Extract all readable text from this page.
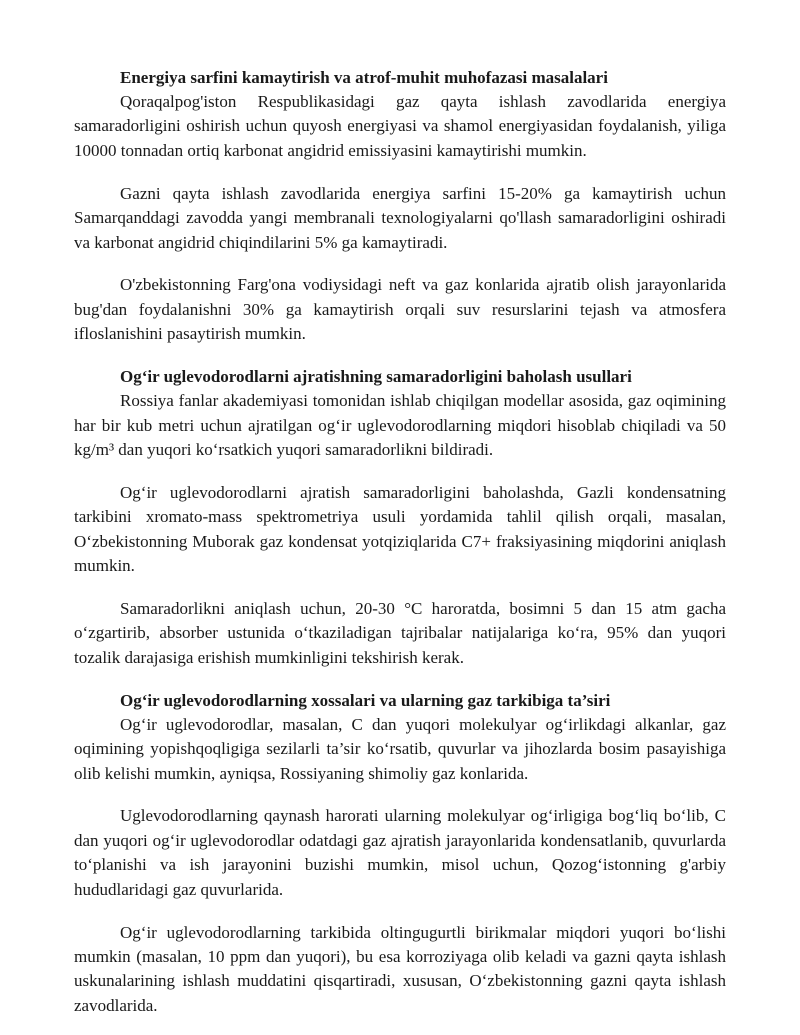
Energiya sarfini kamaytirish va atrof-muhit muhofazasi masalalari

Qoraqalpog'iston Respublikasidagi gaz qayta ishlash zavodlarida energiya samaradorligini oshirish uchun quyosh energiyasi va shamol energiyasidan foydalanish, yiliga 10000 tonnadan ortiq karbonat angidrid emissiyasini kamaytirishi mumkin.

Gazni qayta ishlash zavodlarida energiya sarfini 15-20% ga kamaytirish uchun Samarqanddagi zavodda yangi membranali texnologiyalarni qo'llash samaradorligini oshiradi va karbonat angidrid chiqindilarini 5% ga kamaytiradi.

O'zbekistonning Farg'ona vodiysidagi neft va gaz konlarida ajratib olish jarayonlarida bug'dan foydalanishni 30% ga kamaytirish orqali suv resurslarini tejash va atmosfera ifloslanishini pasaytirish mumkin.

Og‘ir uglevodorodlarni ajratishning samaradorligini baholash usullari

Rossiya fanlar akademiyasi tomonidan ishlab chiqilgan modellar asosida, gaz oqimining har bir kub metri uchun ajratilgan og‘ir uglevodorodlarning miqdori hisoblab chiqiladi va 50 kg/m³ dan yuqori ko‘rsatkich yuqori samaradorlikni bildiradi.

Og‘ir uglevodorodlarni ajratish samaradorligini baholashda, Gazli kondensatning tarkibini xromato-mass spektrometriya usuli yordamida tahlil qilish orqali, masalan, O‘zbekistonning Muborak gaz kondensat yotqiziqlarida C7+ fraksiyasining miqdorini aniqlash mumkin.

Samaradorlikni aniqlash uchun, 20-30 °C haroratda, bosimni 5 dan 15 atm gacha o‘zgartirib, absorber ustunida o‘tkaziladigan tajribalar natijalariga ko‘ra, 95% dan yuqori tozalik darajasiga erishish mumkinligini tekshirish kerak.

Og‘ir uglevodorodlarning xossalari va ularning gaz tarkibiga ta’siri

Og‘ir uglevodorodlar, masalan, C dan yuqori molekulyar og‘irlikdagi alkanlar, gaz oqimining yopishqoqligiga sezilarli ta’sir ko‘rsatib, quvurlar va jihozlarda bosim pasayishiga olib kelishi mumkin, ayniqsa, Rossiyaning shimoliy gaz konlarida.

Uglevodorodlarning qaynash harorati ularning molekulyar og‘irligiga bog‘liq bo‘lib, C dan yuqori og‘ir uglevodorodlar odatdagi gaz ajratish jarayonlarida kondensatlanib, quvurlarda to‘planishi va ish jarayonini buzishi mumkin, misol uchun, Qozog‘istonning g'arbiy hududlaridagi gaz quvurlarida.

Og‘ir uglevodorodlarning tarkibida oltingugurtli birikmalar miqdori yuqori bo‘lishi mumkin (masalan, 10 ppm dan yuqori), bu esa korroziyaga olib keladi va gazni qayta ishlash uskunalarining ishlash muddatini qisqartiradi, xususan, O‘zbekistonning gazni qayta ishlash zavodlarida.
